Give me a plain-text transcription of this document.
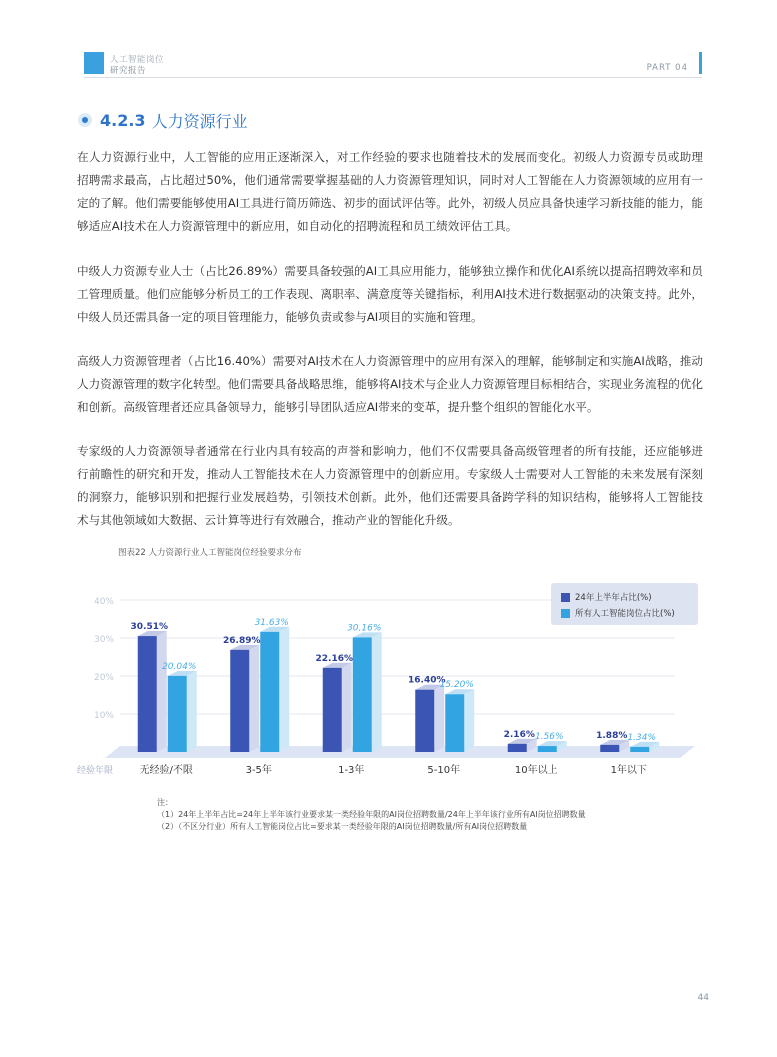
人工智能岗位
研究报告	PART 04
4.2.3 人力资源行业

在人力资源行业中，人工智能的应用正逐渐深入，对工作经验的要求也随着技术的发展而变化。初级人力资源专员或助理招聘需求最高，占比超过50%，他们通常需要掌握基础的人力资源管理知识，同时对人工智能在人力资源领域的应用有一定的了解。他们需要能够使用AI工具进行简历筛选、初步的面试评估等。此外，初级人员应具备快速学习新技能的能力，能够适应AI技术在人力资源管理中的新应用，如自动化的招聘流程和员工绩效评估工具。

中级人力资源专业人士（占比26.89%）需要具备较强的AI工具应用能力，能够独立操作和优化AI系统以提高招聘效率和员工管理质量。他们应能够分析员工的工作表现、离职率、满意度等关键指标，利用AI技术进行数据驱动的决策支持。此外，中级人员还需具备一定的项目管理能力，能够负责或参与AI项目的实施和管理。

高级人力资源管理者（占比16.40%）需要对AI技术在人力资源管理中的应用有深入的理解，能够制定和实施AI战略，推动人力资源管理的数字化转型。他们需要具备战略思维，能够将AI技术与企业人力资源管理目标相结合，实现业务流程的优化和创新。高级管理者还应具备领导力，能够引导团队适应AI带来的变革，提升整个组织的智能化水平。

专家级的人力资源领导者通常在行业内具有较高的声誉和影响力，他们不仅需要具备高级管理者的所有技能，还应能够进行前瞻性的研究和开发，推动人工智能技术在人力资源管理中的创新应用。专家级人士需要对人工智能的未来发展有深刻的洞察力，能够识别和把握行业发展趋势，引领技术创新。此外，他们还需要具备跨学科的知识结构，能够将人工智能技术与其他领域如大数据、云计算等进行有效融合，推动产业的智能化升级。

图表22 人力资源行业人工智能岗位经验要求分布
40%
30%
20%
10%
30.51%
20.04%
无经验/不限
26.89%
31.63%
3-5年
22.16%
30.16%
1-3年
16.40%
15.20%
5-10年
2.16% 1.56%
10年以上
1.88% 1.34%
1年以下
经验年限
24年上半年占比(%)
所有人工智能岗位占比(%)
注：
（1）24年上半年占比=24年上半年该行业要求某一类经验年限的AI岗位招聘数量/24年上半年该行业所有AI岗位招聘数量
（2）（不区分行业）所有人工智能岗位占比=要求某一类经验年限的AI岗位招聘数量/所有AI岗位招聘数量
44
